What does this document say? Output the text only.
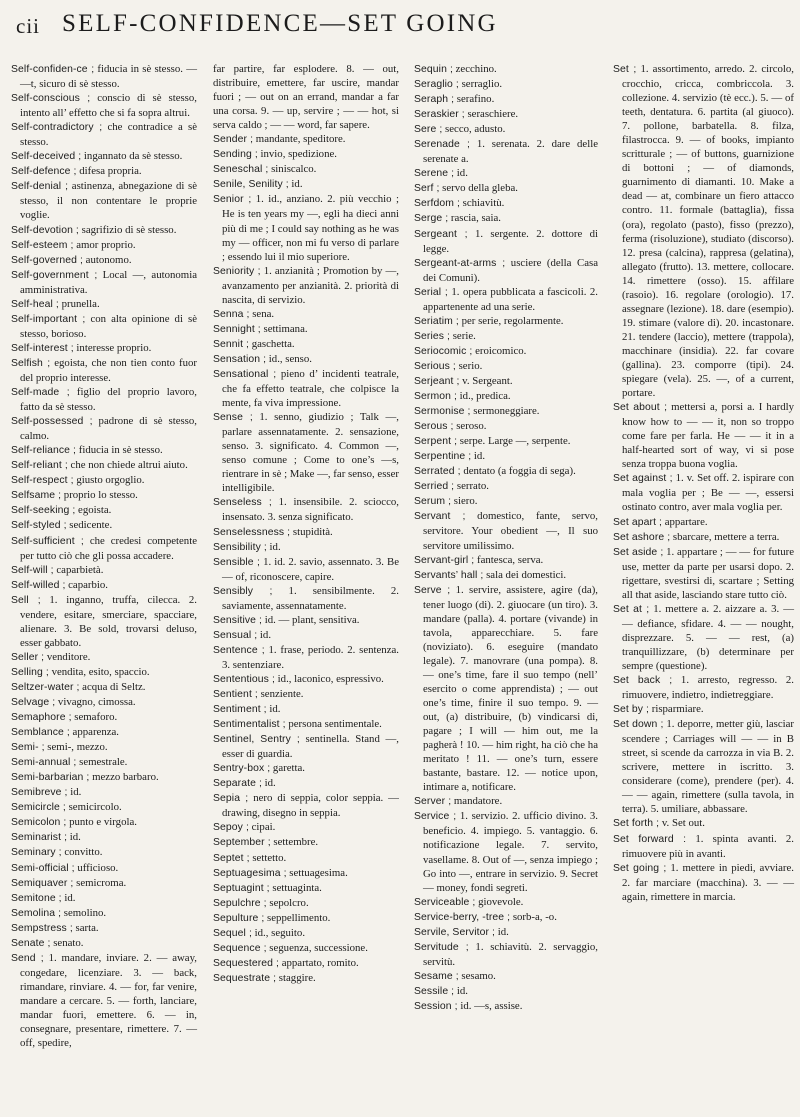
cii SELF-CONFIDENCE—SET GOING

Self-confiden-ce ; fiducia in sè stesso. — —t, sicuro di sè stesso.

Self-conscious ; conscio di sè stesso, intento all’ effetto che si fa sopra altrui.

Self-contradictory ; che contradice a sè stesso.

Self-deceived ; ingannato da sè stesso.

Self-defence ; difesa propria.

Self-denial ; astinenza, abnegazione di sè stesso, il non contentare le proprie voglie.

Self-devotion ; sagrifizio di sè stesso.

Self-esteem ; amor proprio.

Self-governed ; autonomo.

Self-government ; Local —, autonomia amministrativa.

Self-heal ; prunella.

Self-important ; con alta opinione di sè stesso, borioso.

Self-interest ; interesse proprio.

Selfish ; egoista, che non tien conto fuor del proprio interesse.

Self-made ; figlio del proprio lavoro, fatto da sè stesso.

Self-possessed ; padrone di sè stesso, calmo.

Self-reliance ; fiducia in sè stesso.

Self-reliant ; che non chiede altrui aiuto.

Self-respect ; giusto orgoglio.

Selfsame ; proprio lo stesso.

Self-seeking ; egoista.

Self-styled ; sedicente.

Self-sufficient ; che credesi competente per tutto ciò che gli possa accadere.

Self-will ; caparbietà.

Self-willed ; caparbio.

Sell ; 1. inganno, truffa, cilecca. 2. vendere, esitare, smerciare, spacciare, alienare. 3. Be sold, trovarsi deluso, esser gabbato.

Seller ; venditore.

Selling ; vendita, esito, spaccio.

Seltzer-water ; acqua di Seltz.

Selvage ; vivagno, cimossa.

Semaphore ; semaforo.

Semblance ; apparenza.

Semi- ; semi-, mezzo.

Semi-annual ; semestrale.

Semi-barbarian ; mezzo barbaro.

Semibreve ; id.

Semicircle ; semicircolo.

Semicolon ; punto e virgola.

Seminarist ; id.

Seminary ; convitto.

Semi-official ; ufficioso.

Semiquaver ; semicroma.

Semitone ; id.

Semolina ; semolino.

Sempstress ; sarta.

Senate ; senato.

Send ; 1. mandare, inviare. 2. — away, congedare, licenziare. 3. — back, rimandare, rinviare. 4. — for, far venire, mandare a cercare. 5. — forth, lanciare, mandar fuori, emettere. 6. — in, consegnare, presentare, rimettere. 7. — off, spedire,

far partire, far esplodere. 8. — out, distribuire, emettere, far uscire, mandar fuori ; — out on an errand, mandar a far una corsa. 9. — up, servire ; — — hot, si serva caldo ; — — word, far sapere.

Sender ; mandante, speditore.

Sending ; invio, spedizione.

Seneschal ; siniscalco.

Senile, Senility ; id.

Senior ; 1. id., anziano. 2. più vecchio ; He is ten years my —, egli ha dieci anni più di me ; I could say nothing as he was my — officer, non mi fu verso di parlare ; essendo lui il mio superiore.

Seniority ; 1. anzianità ; Promotion by —, avanzamento per anzianità. 2. priorità di nascita, di servizio.

Senna ; sena.

Sennight ; settimana.

Sennit ; gaschetta.

Sensation ; id., senso.

Sensational ; pieno d’ incidenti teatrale, che fa effetto teatrale, che colpisce la mente, fa viva impressione.

Sense ; 1. senno, giudizio ; Talk —, parlare assennatamente. 2. sensazione, senso. 3. significato. 4. Common —, senso comune ; Come to one’s —s, rientrare in sè ; Make —, far senso, esser intelligibile.

Senseless ; 1. insensibile. 2. sciocco, insensato. 3. senza significato.

Senselessness ; stupidità.

Sensibility ; id.

Sensible ; 1. id. 2. savio, assennato. 3. Be — of, riconoscere, capire.

Sensibly ; 1. sensibilmente. 2. saviamente, assennatamente.

Sensitive ; id. — plant, sensitiva.

Sensual ; id.

Sentence ; 1. frase, periodo. 2. sentenza. 3. sentenziare.

Sententious ; id., laconico, espressivo.

Sentient ; senziente.

Sentiment ; id.

Sentimentalist ; persona sentimentale.

Sentinel, Sentry ; sentinella. Stand —, esser di guardia.

Sentry-box ; garetta.

Separate ; id.

Sepia ; nero di seppia, color seppia. — drawing, disegno in seppia.

Sepoy ; cipai.

September ; settembre.

Septet ; settetto.

Septuagesima ; settuagesima.

Septuagint ; settuaginta.

Sepulchre ; sepolcro.

Sepulture ; seppellimento.

Sequel ; id., seguito.

Sequence ; seguenza, successione.

Sequestered ; appartato, romito.

Sequestrate ; staggire.

Sequin ; zecchino.

Seraglio ; serraglio.

Seraph ; serafino.

Seraskier ; seraschiere.

Sere ; secco, adusto.

Serenade ; 1. serenata. 2. dare delle serenate a.

Serene ; id.

Serf ; servo della gleba.

Serfdom ; schiavitù.

Serge ; rascia, saia.

Sergeant ; 1. sergente. 2. dottore di legge.

Sergeant-at-arms ; usciere (della Casa dei Comuni).

Serial ; 1. opera pubblicata a fascicoli. 2. appartenente ad una serie.

Seriatim ; per serie, regolarmente.

Series ; serie.

Seriocomic ; eroicomico.

Serious ; serio.

Serjeant ; v. Sergeant.

Sermon ; id., predica.

Sermonise ; sermoneggiare.

Serous ; seroso.

Serpent ; serpe. Large —, serpente.

Serpentine ; id.

Serrated ; dentato (a foggia di sega).

Serried ; serrato.

Serum ; siero.

Servant ; domestico, fante, servo, servitore. Your obedient —, Il suo servitore umilissimo.

Servant-girl ; fantesca, serva.

Servants’ hall ; sala dei domestici.

Serve ; 1. servire, assistere, agire (da), tener luogo (di). 2. giuocare (un tiro). 3. mandare (palla). 4. portare (vivande) in tavola, apparecchiare. 5. fare (noviziato). 6. eseguire (mandato legale). 7. manovrare (una pompa). 8. — one’s time, fare il suo tempo (nell’ esercito o come apprendista) ; — out one’s time, finire il suo tempo. 9. — out, (a) distribuire, (b) vindicarsi di, pagare ; I will — him out, me la pagherà ! 10. — him right, ha ciò che ha meritato ! 11. — one’s turn, essere bastante, bastare. 12. — notice upon, intimare a, notificare.

Server ; mandatore.

Service ; 1. servizio. 2. ufficio divino. 3. beneficio. 4. impiego. 5. vantaggio. 6. notificazione legale. 7. servito, vasellame. 8. Out of —, senza impiego ; Go into —, entrare in servizio. 9. Secret — money, fondi segreti.

Serviceable ; giovevole.

Service-berry, -tree ; sorb-a, -o.

Servile, Servitor ; id.

Servitude ; 1. schiavitù. 2. servaggio, servitù.

Sesame ; sesamo.

Sessile ; id.

Session ; id. —s, assise.

Set ; 1. assortimento, arredo. 2. circolo, crocchio, cricca, combriccola. 3. collezione. 4. servizio (tè ecc.). 5. — of teeth, dentatura. 6. partita (al giuoco). 7. pollone, barbatella. 8. filza, filastrocca. 9. — of books, impianto scritturale ; — of buttons, guarnizione di bottoni ; — of diamonds, guarnimento di diamanti. 10. Make a dead — at, combinare un fiero attacco contro. 11. formale (battaglia), fissa (ora), regolato (pasto), fisso (prezzo), ferma (risoluzione), studiato (discorso). 12. presa (calcina), rappresa (gelatina), allegato (frutto). 13. mettere, collocare. 14. rimettere (osso). 15. affilare (rasoio). 16. regolare (orologio). 17. assegnare (lezione). 18. dare (esempio). 19. stimare (valore di). 20. incastonare. 21. tendere (laccio), mettere (trappola), macchinare (insidia). 22. far covare (gallina). 23. comporre (tipi). 24. spiegare (vela). 25. —, of a current, portare.

Set about ; mettersi a, porsi a. I hardly know how to — — it, non so troppo come fare per farla. He — — it in a half-hearted sort of way, vi si pose senza troppa buona voglia.

Set against ; 1. v. Set off. 2. ispirare con mala voglia per ; Be — —, essersi ostinato contro, aver mala voglia per.

Set apart ; appartare.

Set ashore ; sbarcare, mettere a terra.

Set aside ; 1. appartare ; — — for future use, metter da parte per usarsi dopo. 2. rigettare, svestirsi di, scartare ; Setting all that aside, lasciando stare tutto ciò.

Set at ; 1. mettere a. 2. aizzare a. 3. — — defiance, sfidare. 4. — — nought, disprezzare. 5. — — rest, (a) tranquillizzare, (b) determinare per sempre (questione).

Set back ; 1. arresto, regresso. 2. rimuovere, indietro, indietreggiare.

Set by ; risparmiare.

Set down ; 1. deporre, metter giù, lasciar scendere ; Carriages will — — in B street, si scende da carrozza in via B. 2. scrivere, mettere in iscritto. 3. considerare (come), prendere (per). 4. — — again, rimettere (sulla tavola, in terra). 5. umiliare, abbassare.

Set forth ; v. Set out.

Set forward : 1. spinta avanti. 2. rimuovere più in avanti.

Set going ; 1. mettere in piedi, avviare. 2. far marciare (macchina). 3. — — again, rimettere in marcia.
